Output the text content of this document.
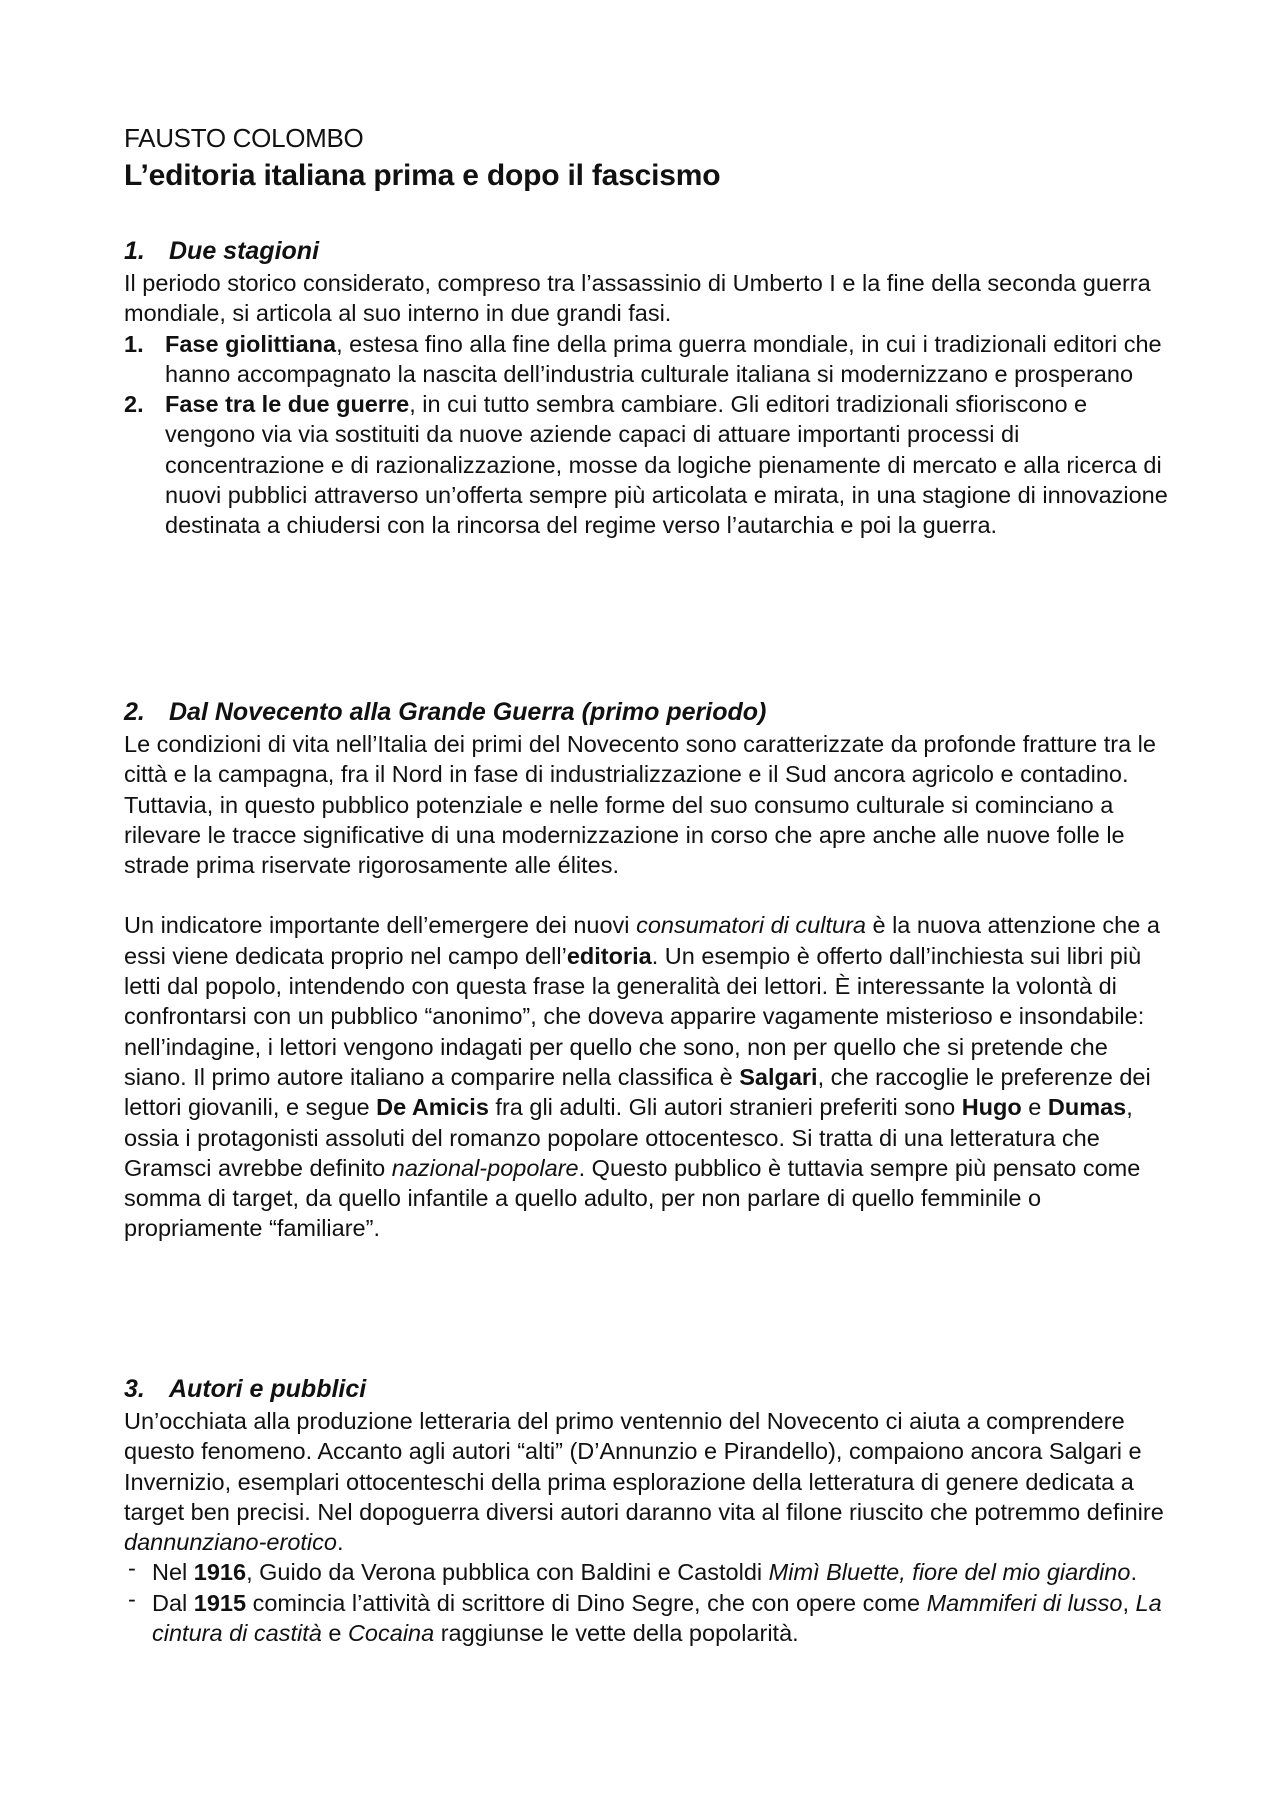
FAUSTO COLOMBO
L’editoria italiana prima e dopo il fascismo
1. Due stagioni

Il periodo storico considerato, compreso tra l’assassinio di Umberto I e la fine della seconda guerra mondiale, si articola al suo interno in due grandi fasi.

1. Fase giolittiana, estesa fino alla fine della prima guerra mondiale, in cui i tradizionali editori che hanno accompagnato la nascita dell’industria culturale italiana si modernizzano e prosperano
2. Fase tra le due guerre, in cui tutto sembra cambiare. Gli editori tradizionali sfioriscono e vengono via via sostituiti da nuove aziende capaci di attuare importanti processi di concentrazione e di razionalizzazione, mosse da logiche pienamente di mercato e alla ricerca di nuovi pubblici attraverso un’offerta sempre più articolata e mirata, in una stagione di innovazione destinata a chiudersi con la rincorsa del regime verso l’autarchia e poi la guerra.
2. Dal Novecento alla Grande Guerra (primo periodo)

Le condizioni di vita nell’Italia dei primi del Novecento sono caratterizzate da profonde fratture tra le città e la campagna, fra il Nord in fase di industrializzazione e il Sud ancora agricolo e contadino. Tuttavia, in questo pubblico potenziale e nelle forme del suo consumo culturale si cominciano a rilevare le tracce significative di una modernizzazione in corso che apre anche alle nuove folle le strade prima riservate rigorosamente alle élites.

Un indicatore importante dell’emergere dei nuovi consumatori di cultura è la nuova attenzione che a essi viene dedicata proprio nel campo dell’editoria. Un esempio è offerto dall’inchiesta sui libri più letti dal popolo, intendendo con questa frase la generalità dei lettori. È interessante la volontà di confrontarsi con un pubblico “anonimo”, che doveva apparire vagamente misterioso e insondabile: nell’indagine, i lettori vengono indagati per quello che sono, non per quello che si pretende che siano. Il primo autore italiano a comparire nella classifica è Salgari, che raccoglie le preferenze dei lettori giovanili, e segue De Amicis fra gli adulti. Gli autori stranieri preferiti sono Hugo e Dumas, ossia i protagonisti assoluti del romanzo popolare ottocentesco. Si tratta di una letteratura che Gramsci avrebbe definito nazional-popolare. Questo pubblico è tuttavia sempre più pensato come somma di target, da quello infantile a quello adulto, per non parlare di quello femminile o propriamente “familiare”.

3. Autori e pubblici

Un’occhiata alla produzione letteraria del primo ventennio del Novecento ci aiuta a comprendere questo fenomeno. Accanto agli autori “alti” (D’Annunzio e Pirandello), compaiono ancora Salgari e Invernizio, esemplari ottocenteschi della prima esplorazione della letteratura di genere dedicata a target ben precisi. Nel dopoguerra diversi autori daranno vita al filone riuscito che potremmo definire dannunziano-erotico.

- Nel 1916, Guido da Verona pubblica con Baldini e Castoldi Mimì Bluette, fiore del mio giardino.
- Dal 1915 comincia l’attività di scrittore di Dino Segre, che con opere come Mammiferi di lusso, La cintura di castità e Cocaina raggiunse le vette della popolarità.
